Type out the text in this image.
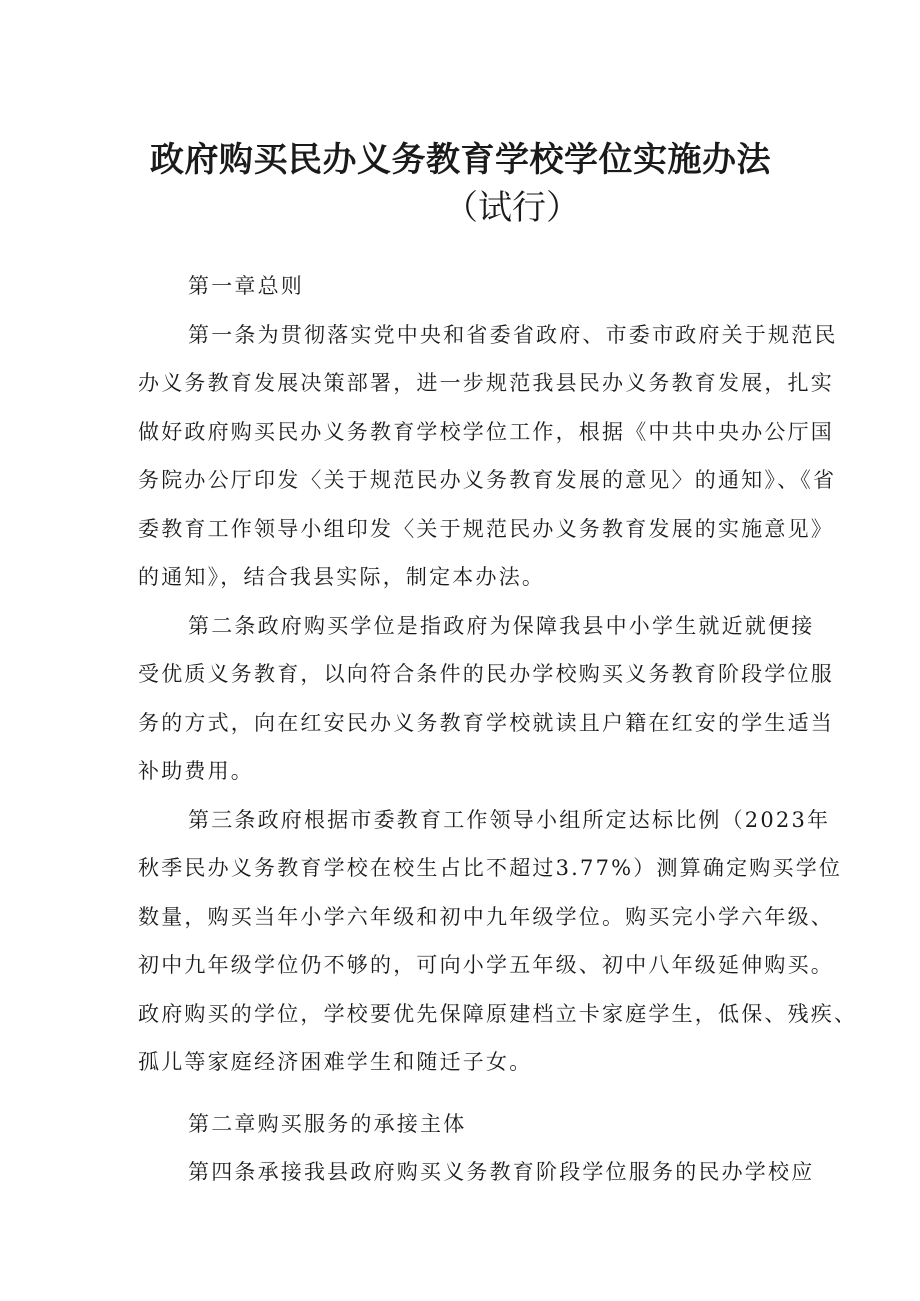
政府购买民办义务教育学校学位实施办法
（试行）
第一章总则
第一条为贯彻落实党中央和省委省政府、市委市政府关于规范民
办义务教育发展决策部署，进一步规范我县民办义务教育发展，扎实
做好政府购买民办义务教育学校学位工作，根据《中共中央办公厅国
务院办公厅印发〈关于规范民办义务教育发展的意见〉的通知》、《省
委教育工作领导小组印发〈关于规范民办义务教育发展的实施意见》
的通知》，结合我县实际，制定本办法。
第二条政府购买学位是指政府为保障我县中小学生就近就便接
受优质义务教育，以向符合条件的民办学校购买义务教育阶段学位服
务的方式，向在红安民办义务教育学校就读且户籍在红安的学生适当
补助费用。
第三条政府根据市委教育工作领导小组所定达标比例（2023年
秋季民办义务教育学校在校生占比不超过3.77%）测算确定购买学位
数量，购买当年小学六年级和初中九年级学位。购买完小学六年级、
初中九年级学位仍不够的，可向小学五年级、初中八年级延伸购买。
政府购买的学位，学校要优先保障原建档立卡家庭学生，低保、残疾、
孤儿等家庭经济困难学生和随迁子女。
第二章购买服务的承接主体
第四条承接我县政府购买义务教育阶段学位服务的民办学校应
